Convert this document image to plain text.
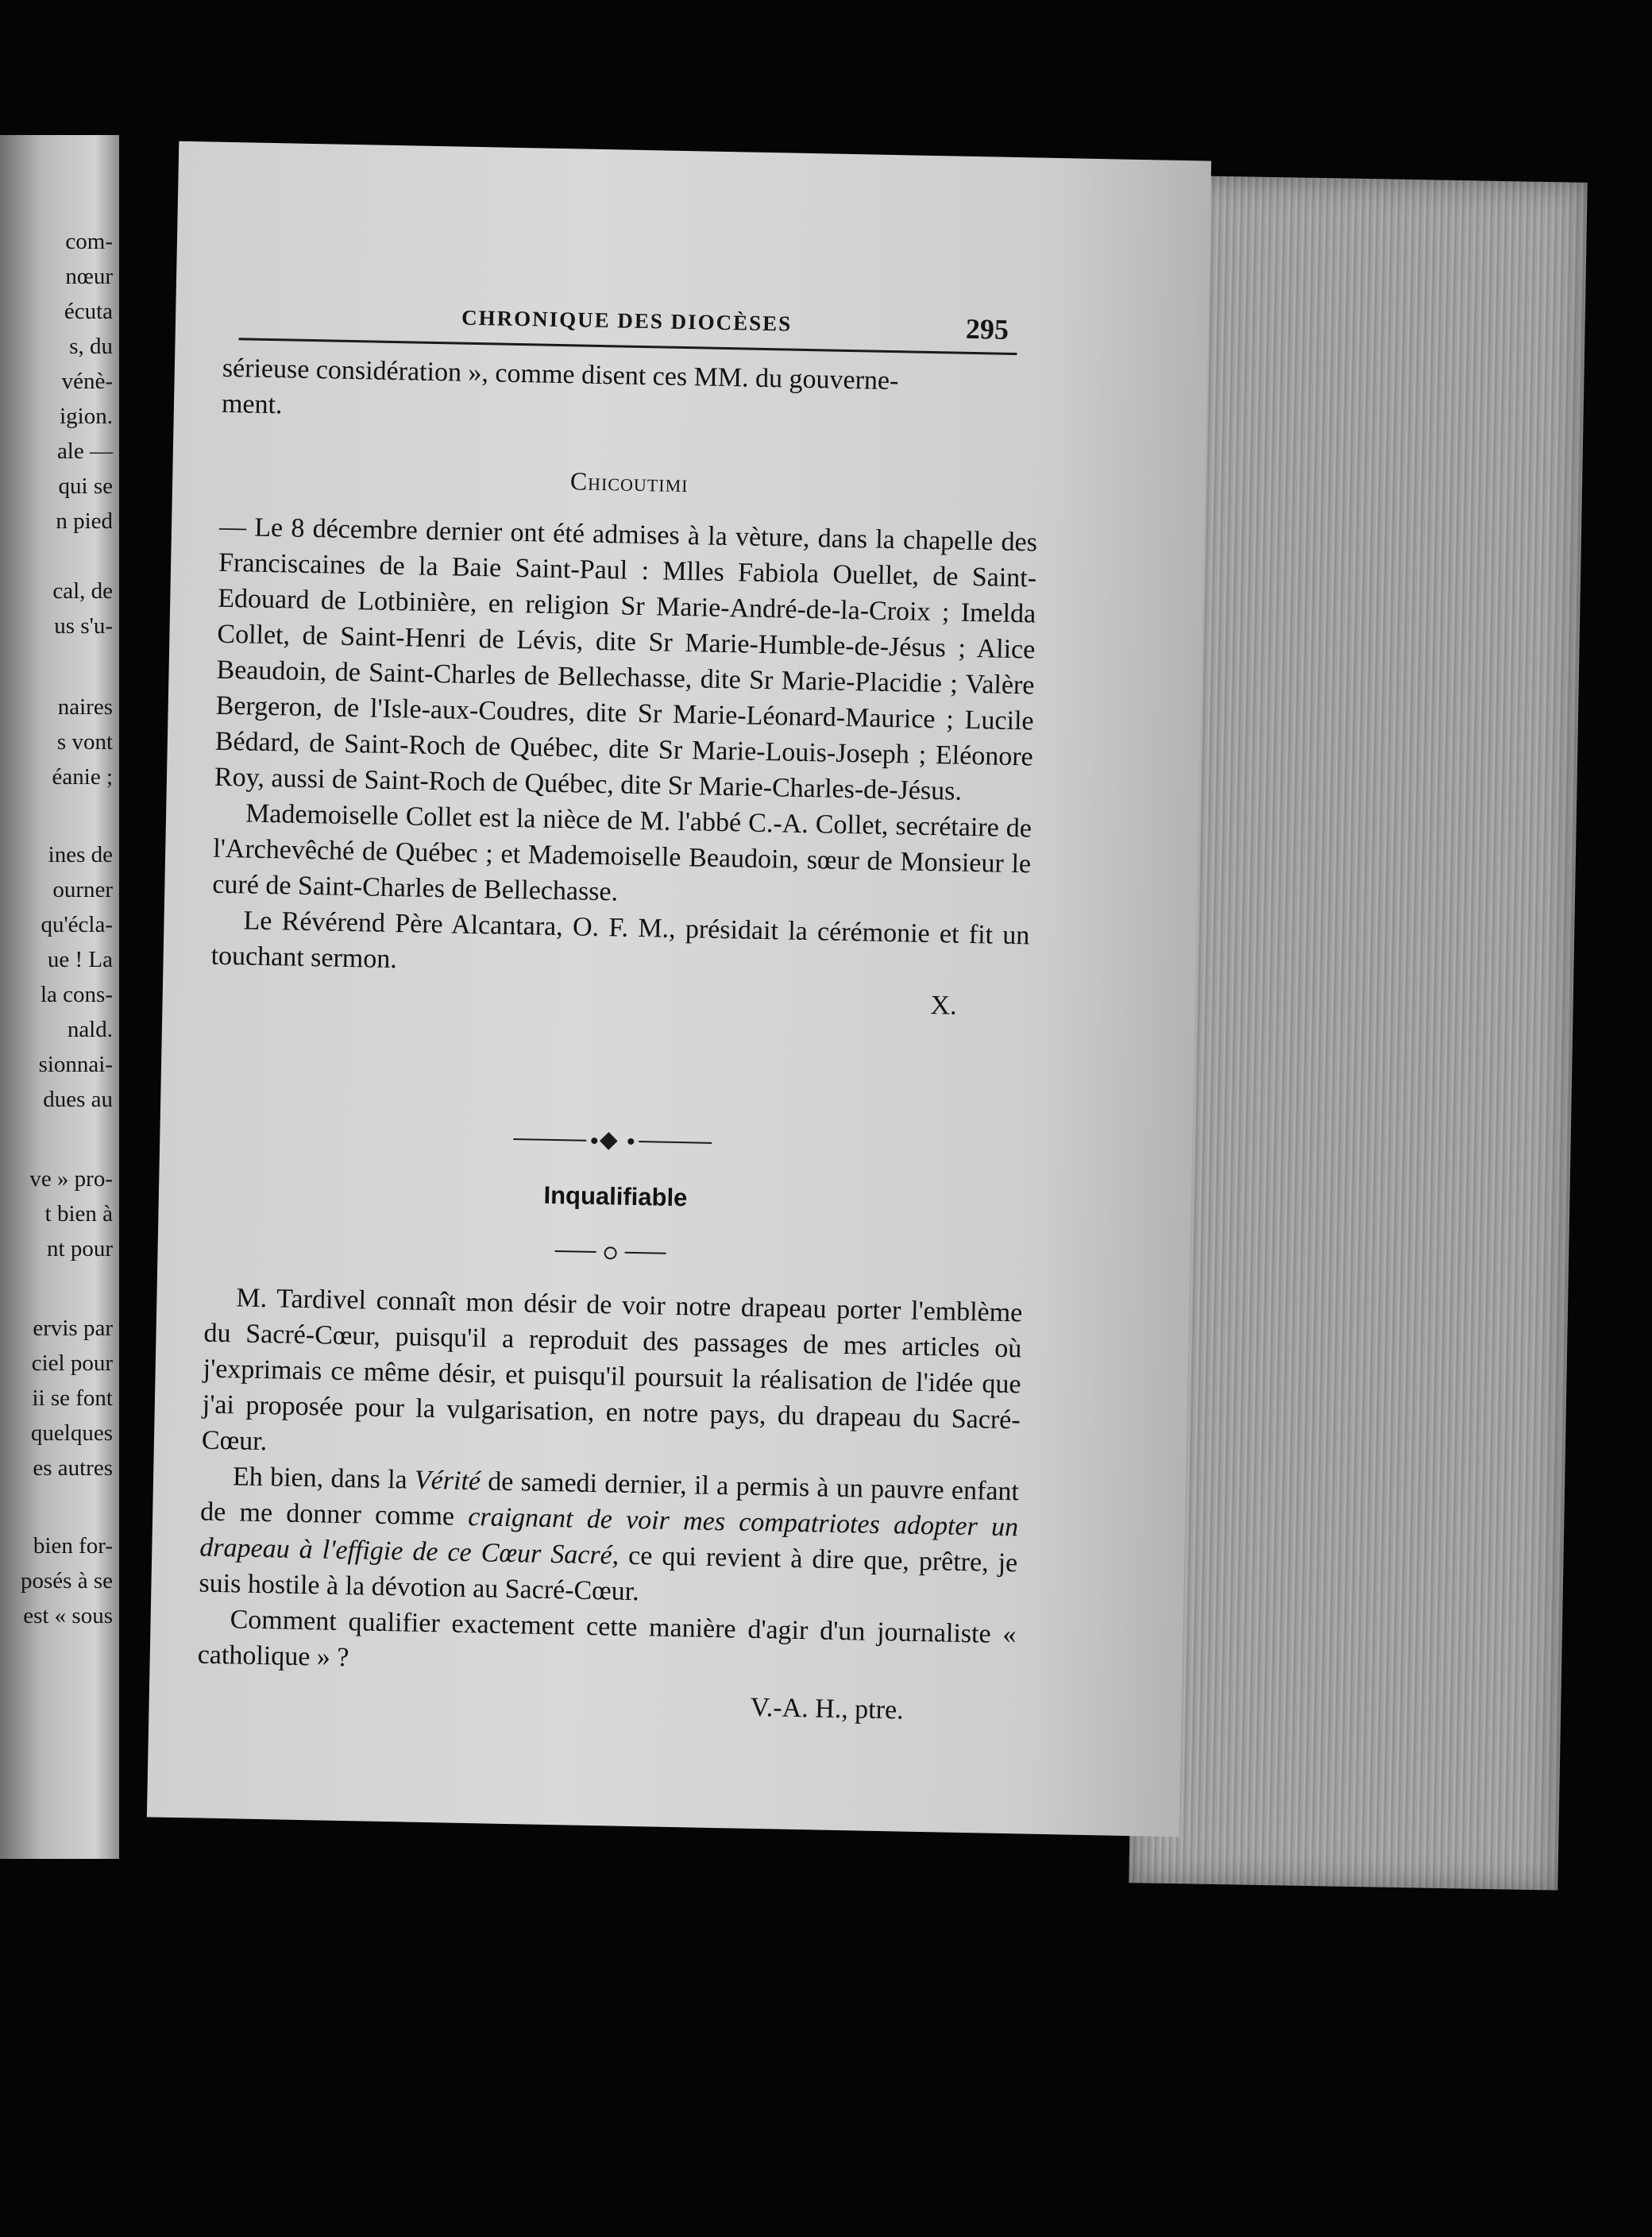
com-
nœur
écuta
s, du
vénè-
igion.
ale —
qui se
n pied
cal, de
us s'u-
naires
s vont
éanie ;
ines de
ourner
qu'écla-
ue ! La
la cons-
nald.
sionnai-
dues au
ve » pro-
t bien à
nt pour
ervis par
ciel pour
ii se font
quelques
es autres
bien for-
posés à se
est « sous
CHRONIQUE DES DIOCÈSES	295
sérieuse considération », comme disent ces MM. du gouverne-
ment.
Chicoutimi

— Le 8 décembre dernier ont été admises à la vèture, dans la chapelle des Franciscaines de la Baie Saint-Paul : Mlles Fabiola Ouellet, de Saint-Edouard de Lotbinière, en religion Sr Marie-André-de-la-Croix ; Imelda Collet, de Saint-Henri de Lévis, dite Sr Marie-Humble-de-Jésus ; Alice Beaudoin, de Saint-Charles de Bellechasse, dite Sr Marie-Placidie ; Valère Bergeron, de l'Isle-aux-Coudres, dite Sr Marie-Léonard-Maurice ; Lucile Bédard, de Saint-Roch de Québec, dite Sr Marie-Louis-Joseph ; Eléonore Roy, aussi de Saint-Roch de Québec, dite Sr Marie-Charles-de-Jésus.

Mademoiselle Collet est la nièce de M. l'abbé C.-A. Collet, secrétaire de l'Archevêché de Québec ; et Mademoiselle Beaudoin, sœur de Monsieur le curé de Saint-Charles de Bellechasse.

Le Révérend Père Alcantara, O. F. M., présidait la cérémonie et fit un touchant sermon.

X.
Inqualifiable

M. Tardivel connaît mon désir de voir notre drapeau porter l'emblème du Sacré-Cœur, puisqu'il a reproduit des passages de mes articles où j'exprimais ce même désir, et puisqu'il poursuit la réalisation de l'idée que j'ai proposée pour la vulgarisation, en notre pays, du drapeau du Sacré-Cœur.

Eh bien, dans la Vérité de samedi dernier, il a permis à un pauvre enfant de me donner comme craignant de voir mes compatriotes adopter un drapeau à l'effigie de ce Cœur Sacré, ce qui revient à dire que, prêtre, je suis hostile à la dévotion au Sacré-Cœur.

Comment qualifier exactement cette manière d'agir d'un journaliste « catholique » ?

V.-A. H., ptre.
